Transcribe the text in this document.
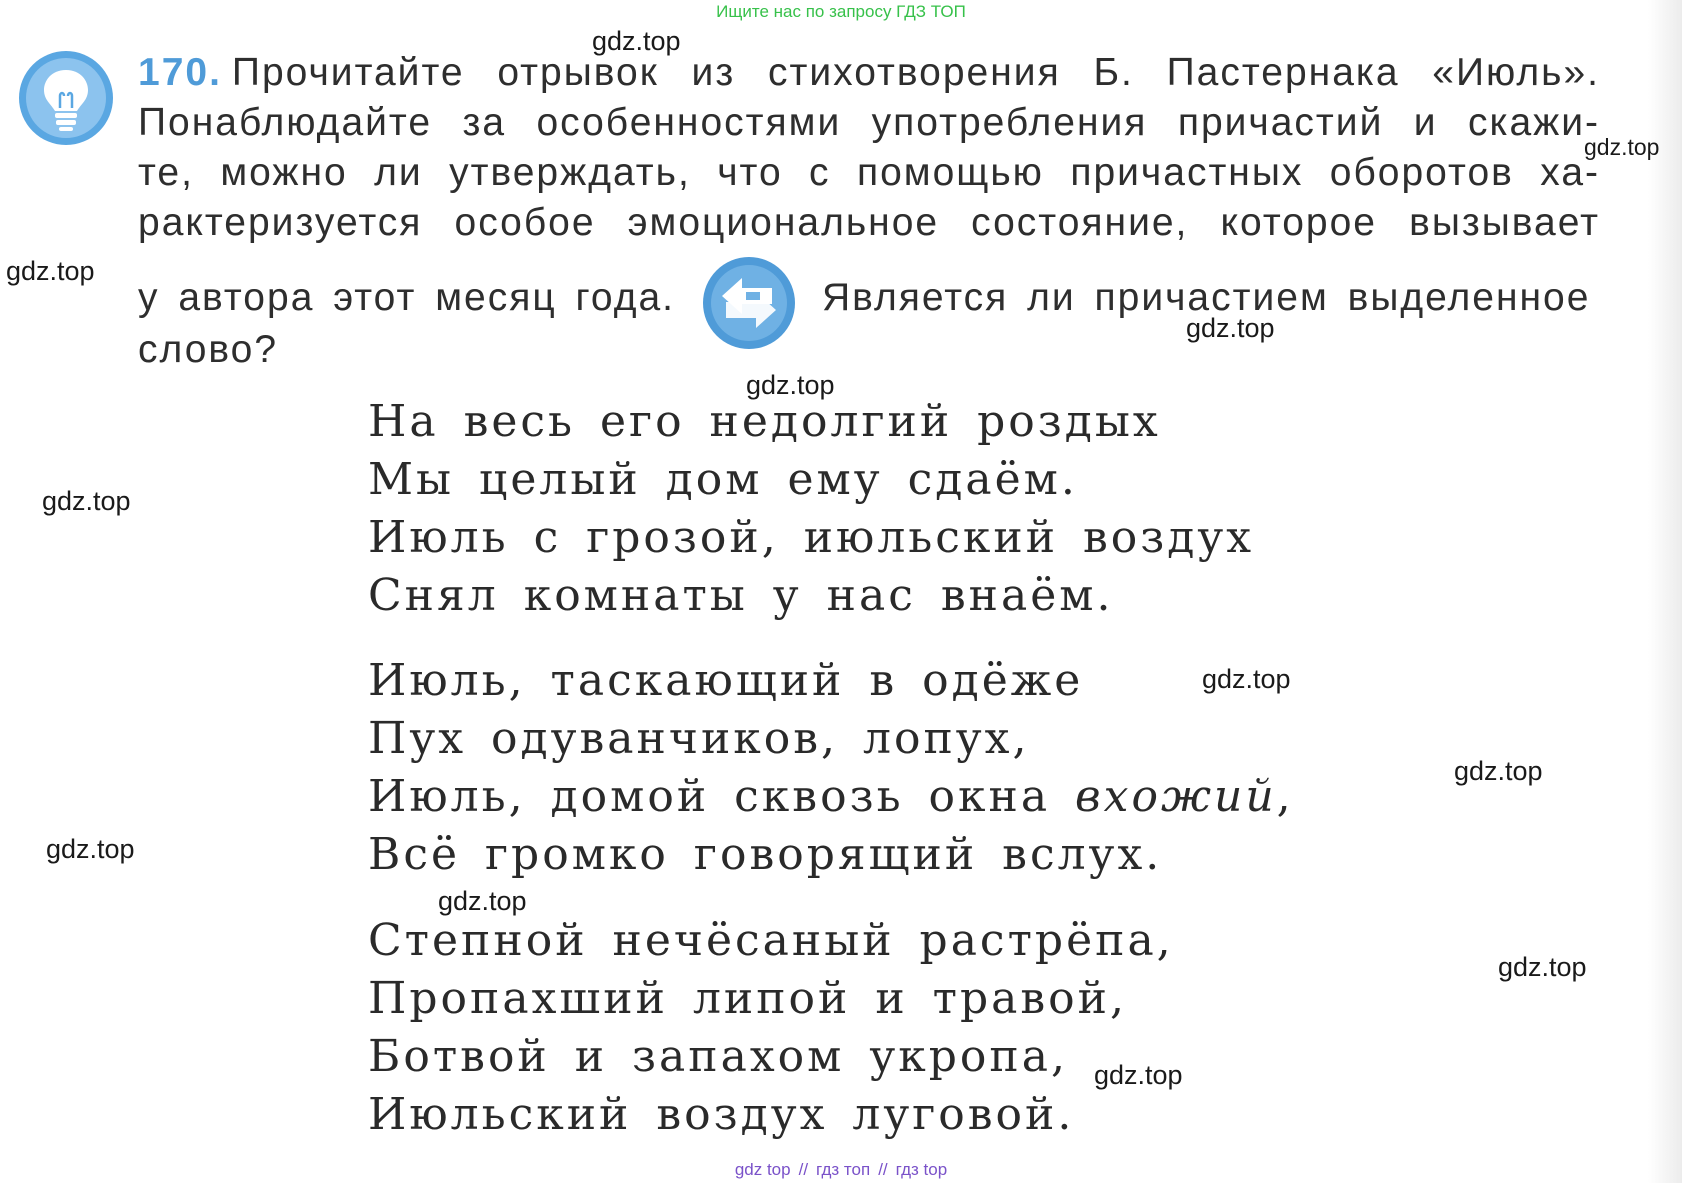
Ищите нас по запросу ГДЗ ТОП
170. Прочитайте отрывок из стихотворения Б. Пастернака «Июль».
Понаблюдайте за особенностями употребления причастий и скажи-
те, можно ли утверждать, что с помощью причастных оборотов ха-
рактеризуется особое эмоциональное состояние, которое вызывает
у автора этот месяц года.	Является ли причастием выделенное

слово?
На весь его недолгий роздых
Мы целый дом ему сдаём.
Июль с грозой, июльский воздух
Снял комнаты у нас внаём.
Июль, таскающий в одёже
Пух одуванчиков, лопух,
Июль, домой сквозь окна вхожий,
Всё громко говорящий вслух.
Степной нечёсаный растрёпа,
Пропахший липой и травой,
Ботвой и запахом укропа,
Июльский воздух луговой.
gdz.top
gdz.top
gdz.top
gdz.top
gdz.top
gdz.top
gdz.top
gdz.top
gdz.top
gdz.top
gdz.top
gdz.top
gdz top // гдз топ // гдз top
